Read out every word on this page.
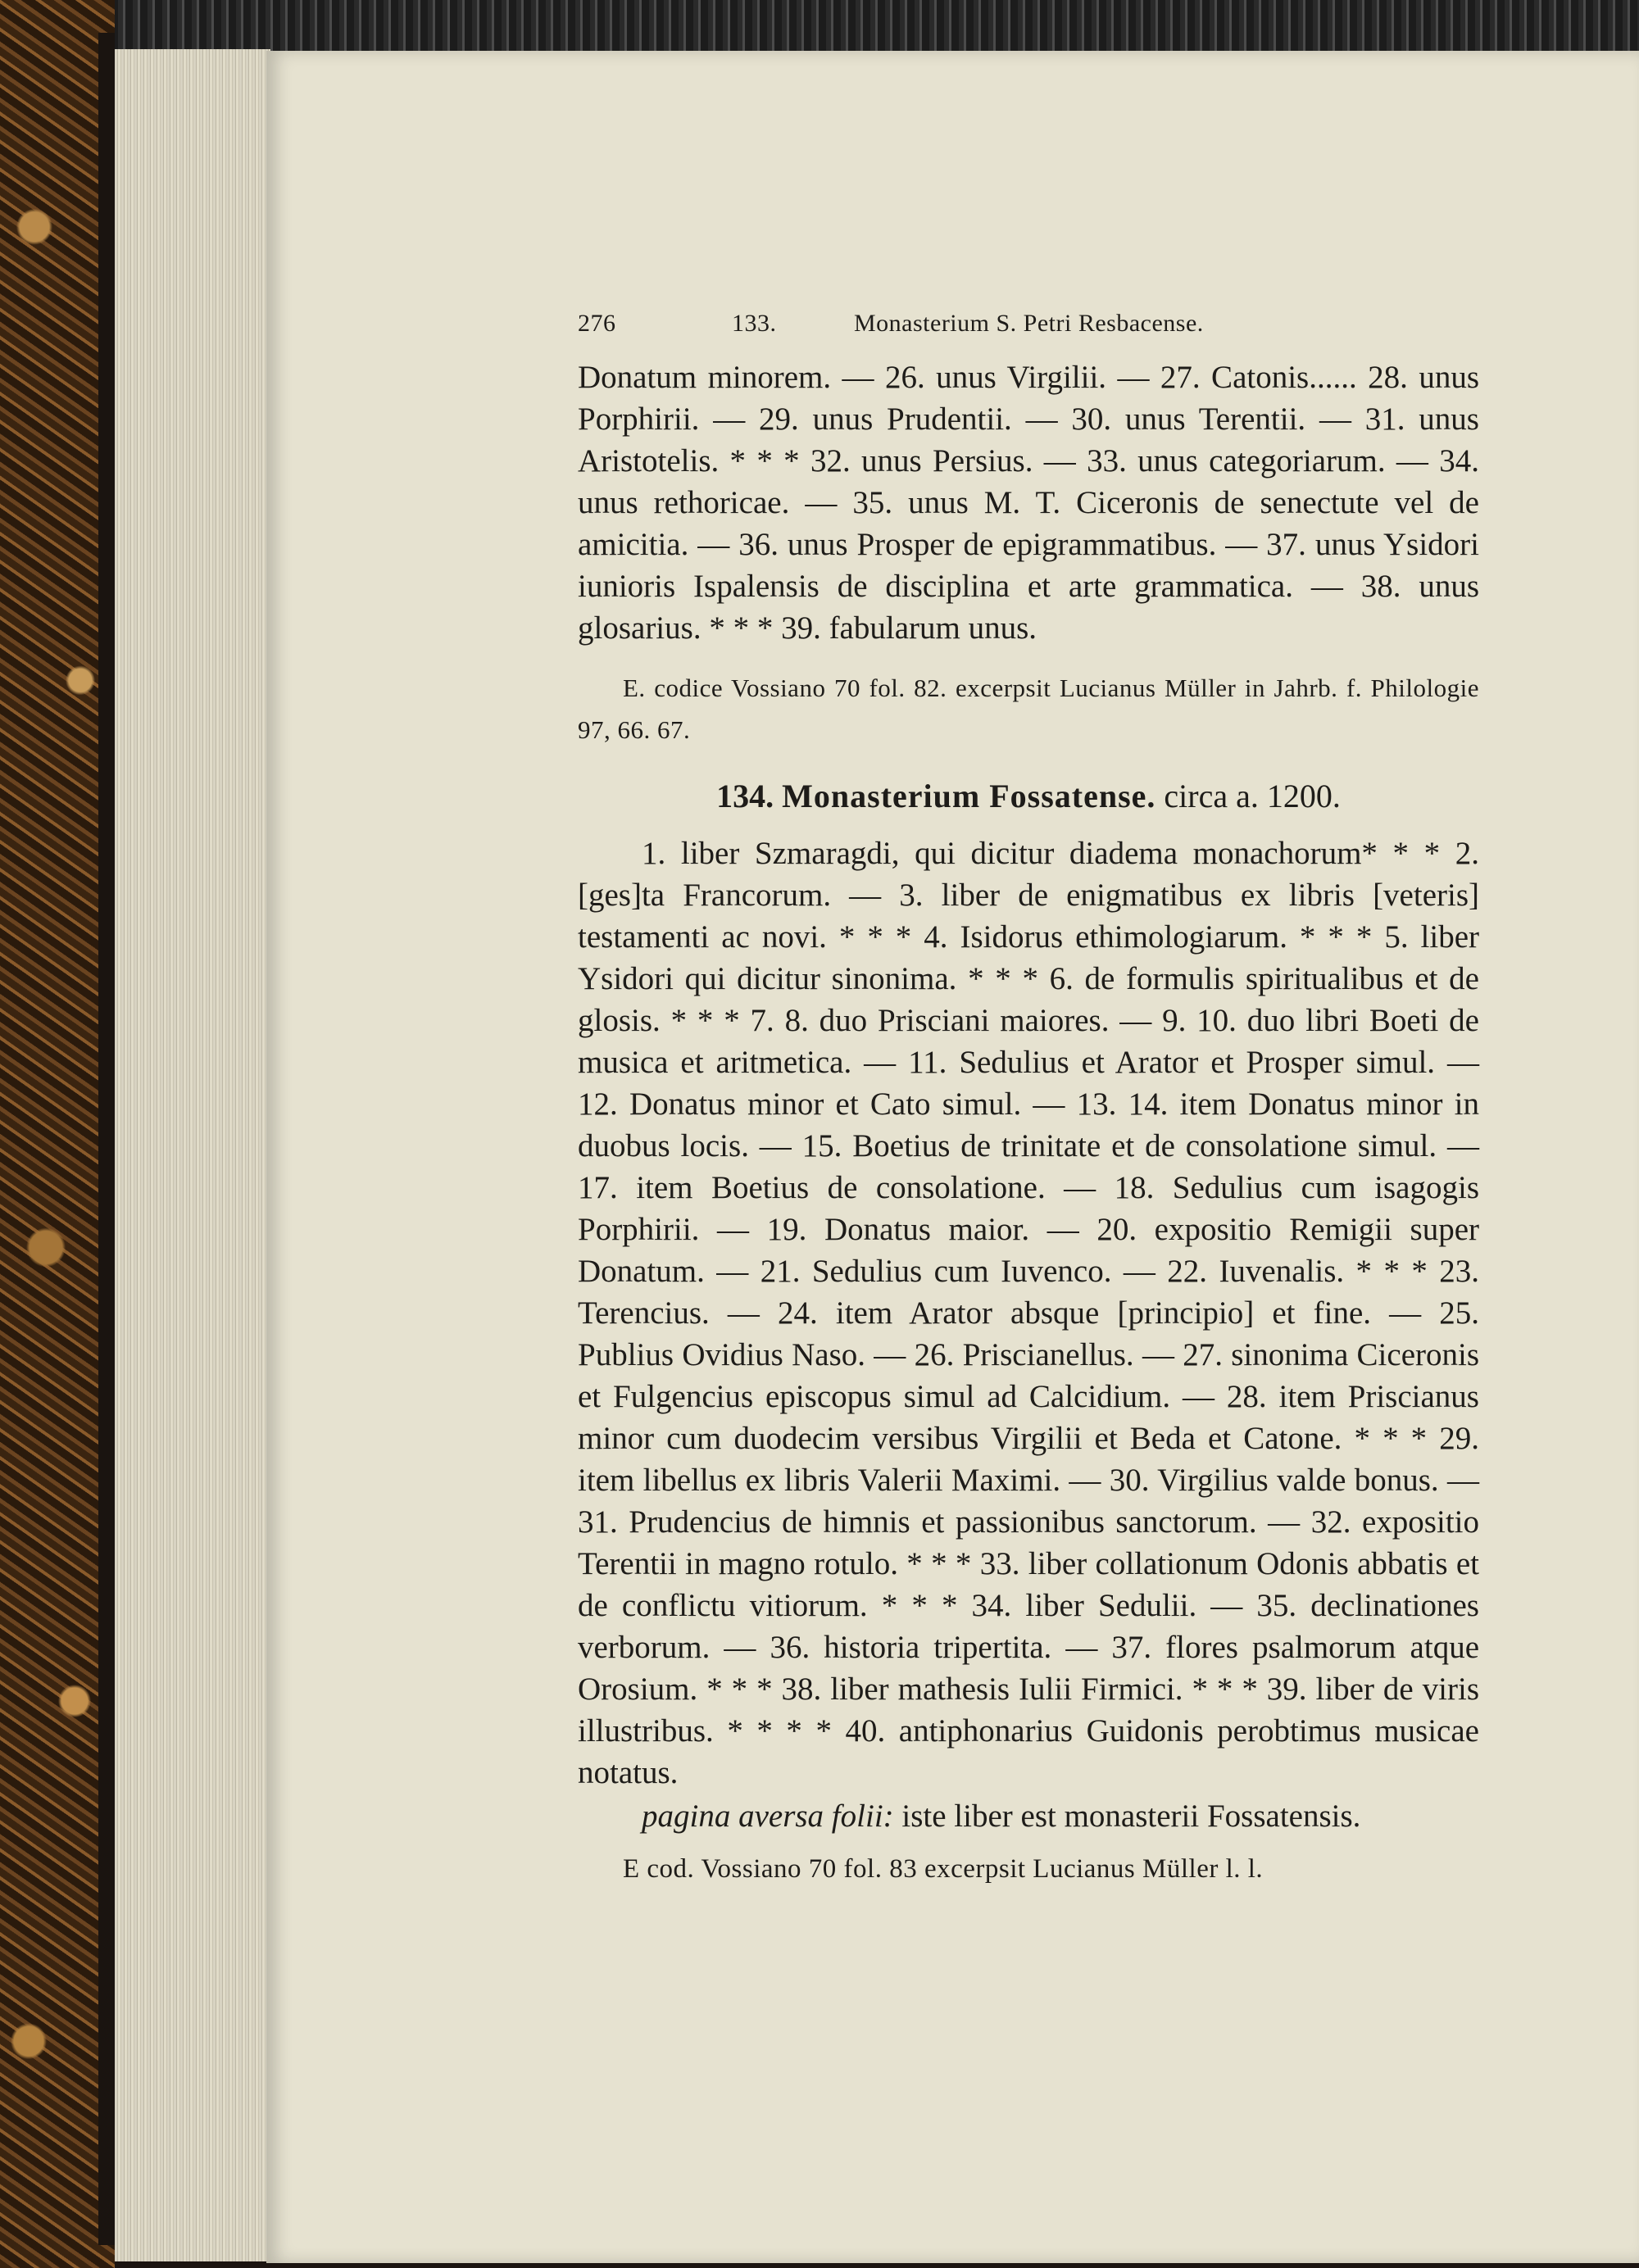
276	133.	Monasterium S. Petri Resbacense.

Donatum minorem. — 26. unus Virgilii. — 27. Catonis...... 28. unus Porphirii. — 29. unus Prudentii. — 30. unus Terentii. — 31. unus Aristotelis. * * * 32. unus Persius. — 33. unus categoriarum. — 34. unus rethoricae. — 35. unus M. T. Ciceronis de senectute vel de amicitia. — 36. unus Prosper de epigrammatibus. — 37. unus Ysidori iunioris Ispalensis de disciplina et arte grammatica. — 38. unus glosarius. * * * 39. fabularum unus.

E. codice Vossiano 70 fol. 82. excerpsit Lucianus Müller in Jahrb. f. Philologie 97, 66. 67.

134. Monasterium Fossatense. circa a. 1200.

1. liber Szmaragdi, qui dicitur diadema monachorum* * * 2. [ges]ta Francorum. — 3. liber de enigmatibus ex libris [veteris] testamenti ac novi. * * * 4. Isidorus ethimologiarum. * * * 5. liber Ysidori qui dicitur sinonima. * * * 6. de formulis spiritualibus et de glosis. * * * 7. 8. duo Prisciani maiores. — 9. 10. duo libri Boeti de musica et aritmetica. — 11. Sedulius et Arator et Prosper simul. — 12. Donatus minor et Cato simul. — 13. 14. item Donatus minor in duobus locis. — 15. Boetius de trinitate et de consolatione simul. — 17. item Boetius de consolatione. — 18. Sedulius cum isagogis Porphirii. — 19. Donatus maior. — 20. expositio Remigii super Donatum. — 21. Sedulius cum Iuvenco. — 22. Iuvenalis. * * * 23. Terencius. — 24. item Arator absque [principio] et fine. — 25. Publius Ovidius Naso. — 26. Priscianellus. — 27. sinonima Ciceronis et Fulgencius episcopus simul ad Calcidium. — 28. item Priscianus minor cum duodecim versibus Virgilii et Beda et Catone. * * * 29. item libellus ex libris Valerii Maximi. — 30. Virgilius valde bonus. — 31. Prudencius de himnis et passionibus sanctorum. — 32. expositio Terentii in magno rotulo. * * * 33. liber collationum Odonis abbatis et de conflictu vitiorum. * * * 34. liber Sedulii. — 35. declinationes verborum. — 36. historia tripertita. — 37. flores psalmorum atque Orosium. * * * 38. liber mathesis Iulii Firmici. * * * 39. liber de viris illustribus. * * * * 40. antiphonarius Guidonis perobtimus musicae notatus.

pagina aversa folii: iste liber est monasterii Fossatensis.

E cod. Vossiano 70 fol. 83 excerpsit Lucianus Müller l. l.
